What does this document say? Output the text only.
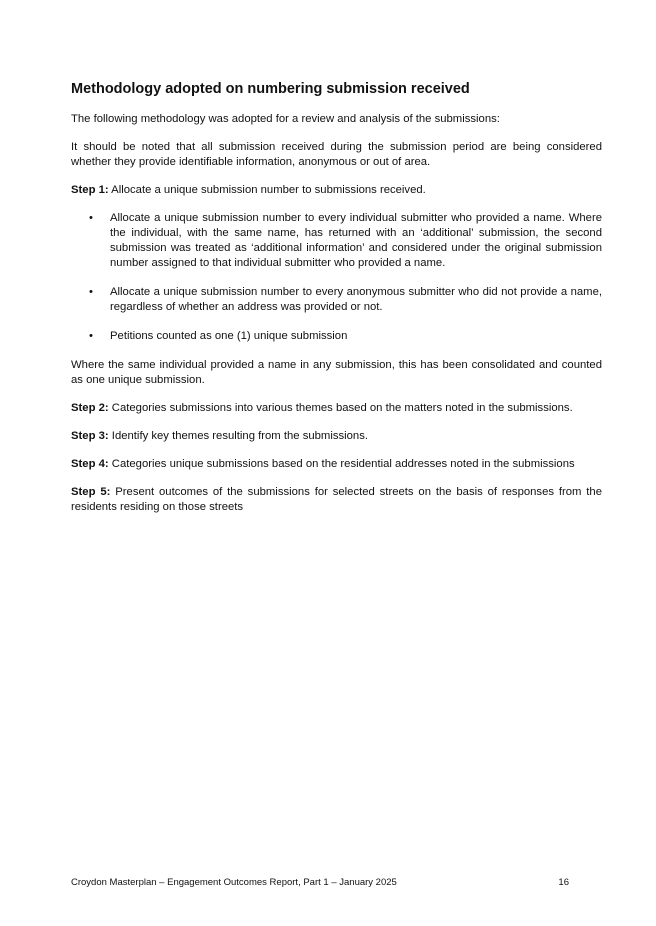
Methodology adopted on numbering submission received

The following methodology was adopted for a review and analysis of the submissions:

It should be noted that all submission received during the submission period are being considered whether they provide identifiable information, anonymous or out of area.

Step 1: Allocate a unique submission number to submissions received.

• Allocate a unique submission number to every individual submitter who provided a name. Where the individual, with the same name, has returned with an ‘additional’ submission, the second submission was treated as ‘additional information’ and considered under the original submission number assigned to that individual submitter who provided a name.
• Allocate a unique submission number to every anonymous submitter who did not provide a name, regardless of whether an address was provided or not.
• Petitions counted as one (1) unique submission

Where the same individual provided a name in any submission, this has been consolidated and counted as one unique submission.

Step 2: Categories submissions into various themes based on the matters noted in the submissions.

Step 3: Identify key themes resulting from the submissions.

Step 4: Categories unique submissions based on the residential addresses noted in the submissions

Step 5: Present outcomes of the submissions for selected streets on the basis of responses from the residents residing on those streets

Croydon Masterplan – Engagement Outcomes Report, Part 1 – January 2025	16
